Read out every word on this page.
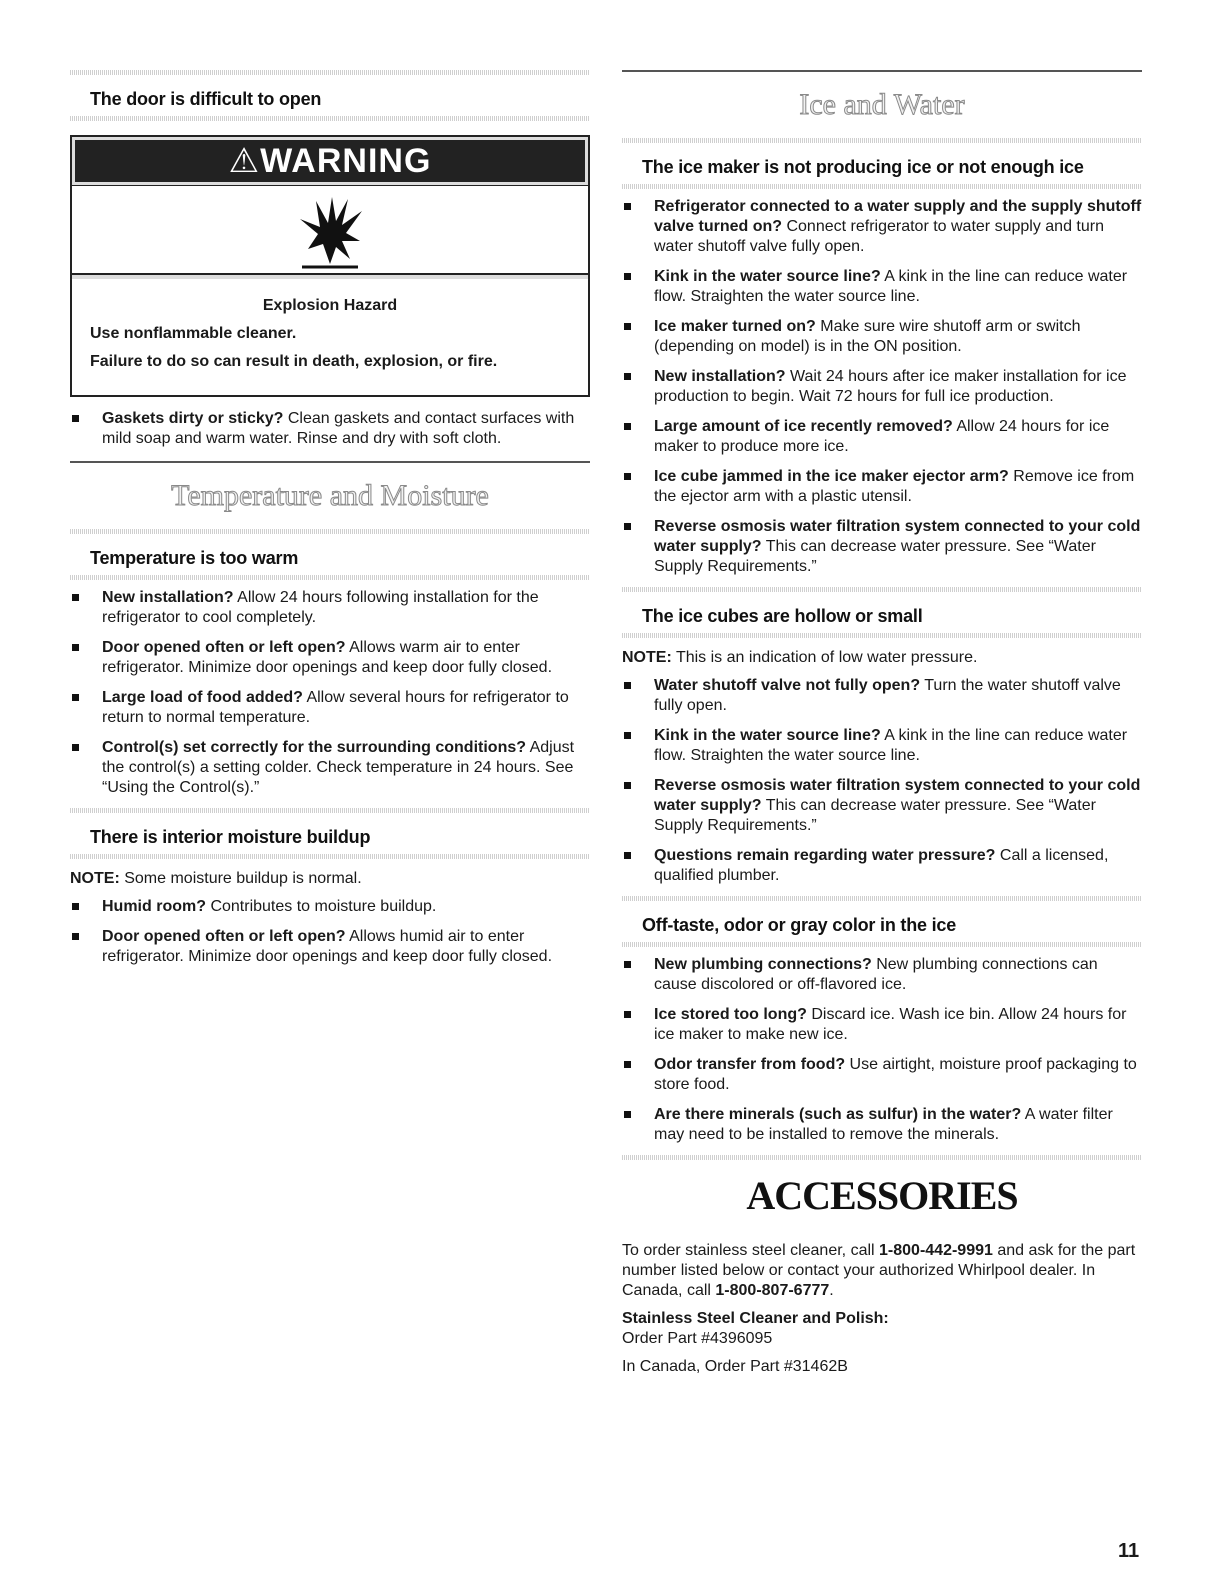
The door is difficult to open
⚠WARNING
Explosion Hazard
Use nonflammable cleaner.
Failure to do so can result in death, explosion, or fire.
Gaskets dirty or sticky? Clean gaskets and contact surfaces with mild soap and warm water. Rinse and dry with soft cloth.
Temperature and Moisture
Temperature is too warm
New installation? Allow 24 hours following installation for the refrigerator to cool completely.
Door opened often or left open? Allows warm air to enter refrigerator. Minimize door openings and keep door fully closed.
Large load of food added? Allow several hours for refrigerator to return to normal temperature.
Control(s) set correctly for the surrounding conditions? Adjust the control(s) a setting colder. Check temperature in 24 hours. See “Using the Control(s).”
There is interior moisture buildup
NOTE: Some moisture buildup is normal.
Humid room? Contributes to moisture buildup.
Door opened often or left open? Allows humid air to enter refrigerator. Minimize door openings and keep door fully closed.
Ice and Water
The ice maker is not producing ice or not enough ice
Refrigerator connected to a water supply and the supply shutoff valve turned on? Connect refrigerator to water supply and turn water shutoff valve fully open.
Kink in the water source line? A kink in the line can reduce water flow. Straighten the water source line.
Ice maker turned on? Make sure wire shutoff arm or switch (depending on model) is in the ON position.
New installation? Wait 24 hours after ice maker installation for ice production to begin. Wait 72 hours for full ice production.
Large amount of ice recently removed? Allow 24 hours for ice maker to produce more ice.
Ice cube jammed in the ice maker ejector arm? Remove ice from the ejector arm with a plastic utensil.
Reverse osmosis water filtration system connected to your cold water supply? This can decrease water pressure. See “Water Supply Requirements.”
The ice cubes are hollow or small
NOTE: This is an indication of low water pressure.
Water shutoff valve not fully open? Turn the water shutoff valve fully open.
Kink in the water source line? A kink in the line can reduce water flow. Straighten the water source line.
Reverse osmosis water filtration system connected to your cold water supply? This can decrease water pressure. See “Water Supply Requirements.”
Questions remain regarding water pressure? Call a licensed, qualified plumber.
Off-taste, odor or gray color in the ice
New plumbing connections? New plumbing connections can cause discolored or off-flavored ice.
Ice stored too long? Discard ice. Wash ice bin. Allow 24 hours for ice maker to make new ice.
Odor transfer from food? Use airtight, moisture proof packaging to store food.
Are there minerals (such as sulfur) in the water? A water filter may need to be installed to remove the minerals.
ACCESSORIES

To order stainless steel cleaner, call 1-800-442-9991 and ask for the part number listed below or contact your authorized Whirlpool dealer. In Canada, call 1-800-807-6777.

Stainless Steel Cleaner and Polish:
Order Part #4396095
In Canada, Order Part #31462B
11
